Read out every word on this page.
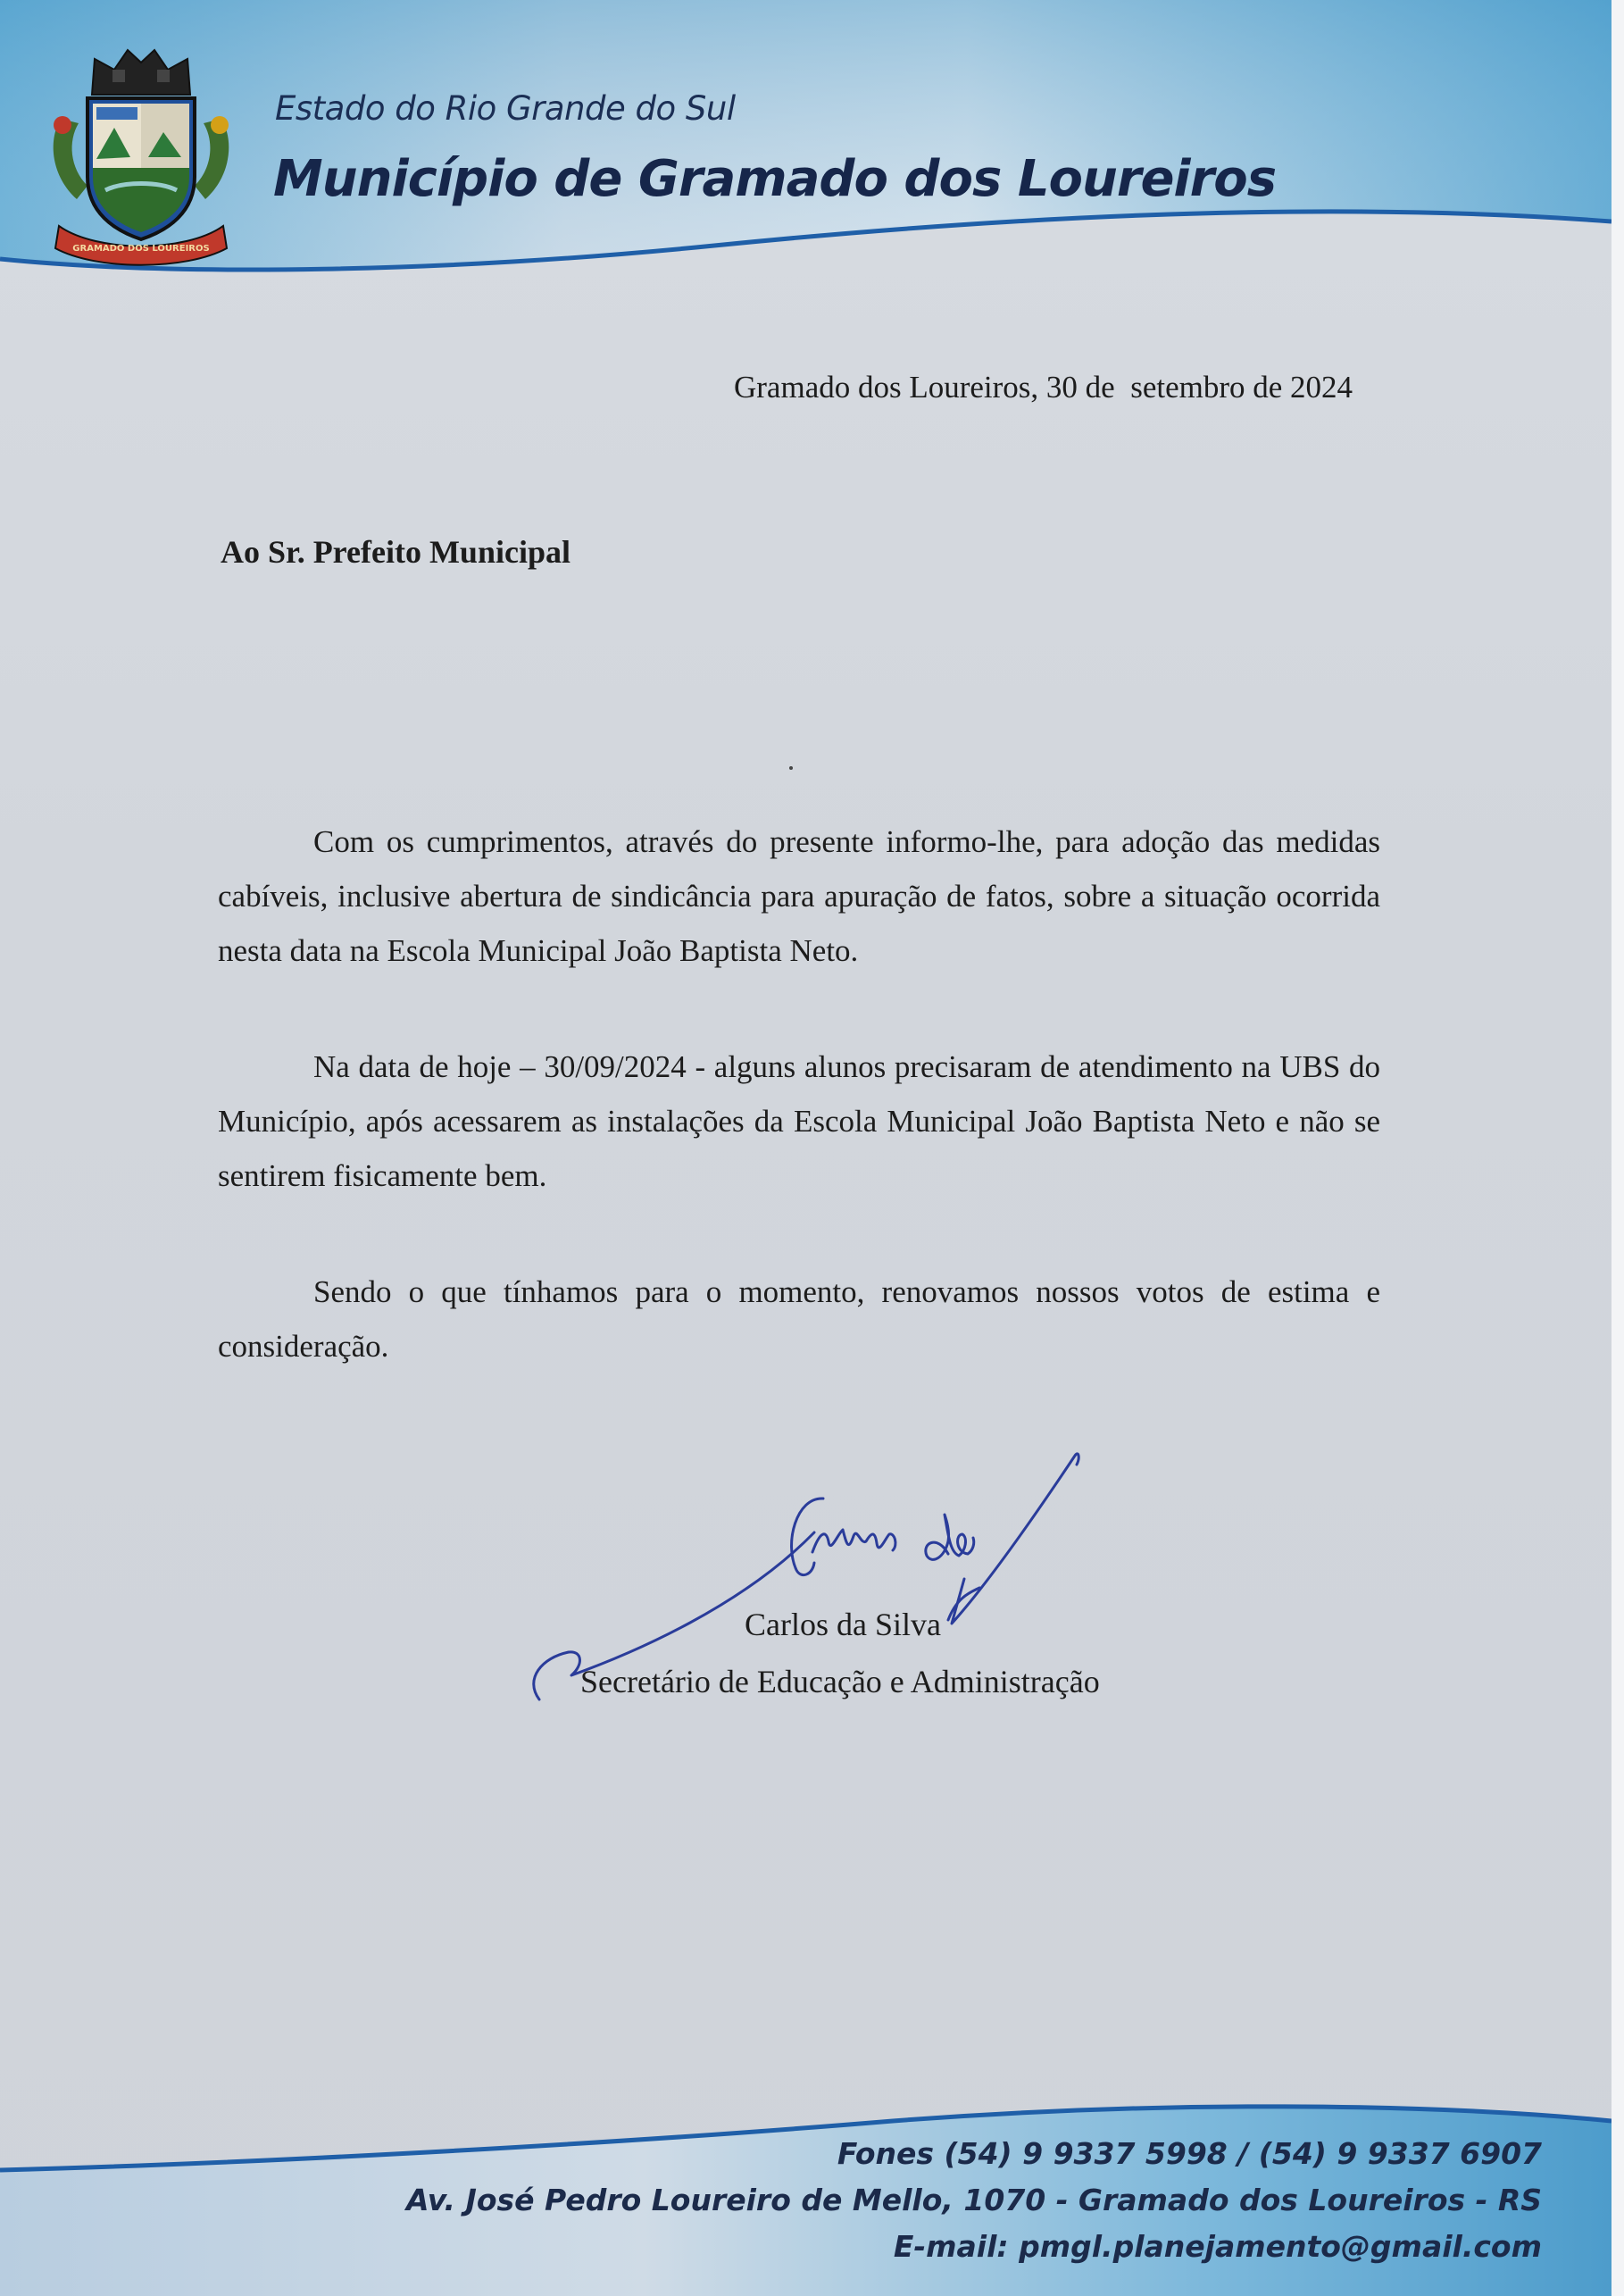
GRAMADO DOS LOUREIROS
Estado do Rio Grande do Sul
Município de Gramado dos Loureiros
Gramado dos Loureiros, 30 de  setembro de 2024
Ao Sr. Prefeito Municipal
Com os cumprimentos, através do presente informo-lhe, para adoção das medidas cabíveis, inclusive abertura de sindicância para apuração de fatos, sobre a situação ocorrida nesta data na Escola Municipal João Baptista Neto.
Na data de hoje – 30/09/2024 - alguns alunos precisaram de atendimento na UBS do Município, após acessarem as instalações da Escola Municipal João Baptista Neto e não se sentirem fisicamente bem.
Sendo o que tínhamos para o momento, renovamos nossos votos de estima e consideração.
Carlos da Silva
Secretário de Educação e Administração
Fones (54) 9 9337 5998 / (54) 9 9337 6907
Av. José Pedro Loureiro de Mello, 1070 - Gramado dos Loureiros - RS
E-mail: pmgl.planejamento@gmail.com
